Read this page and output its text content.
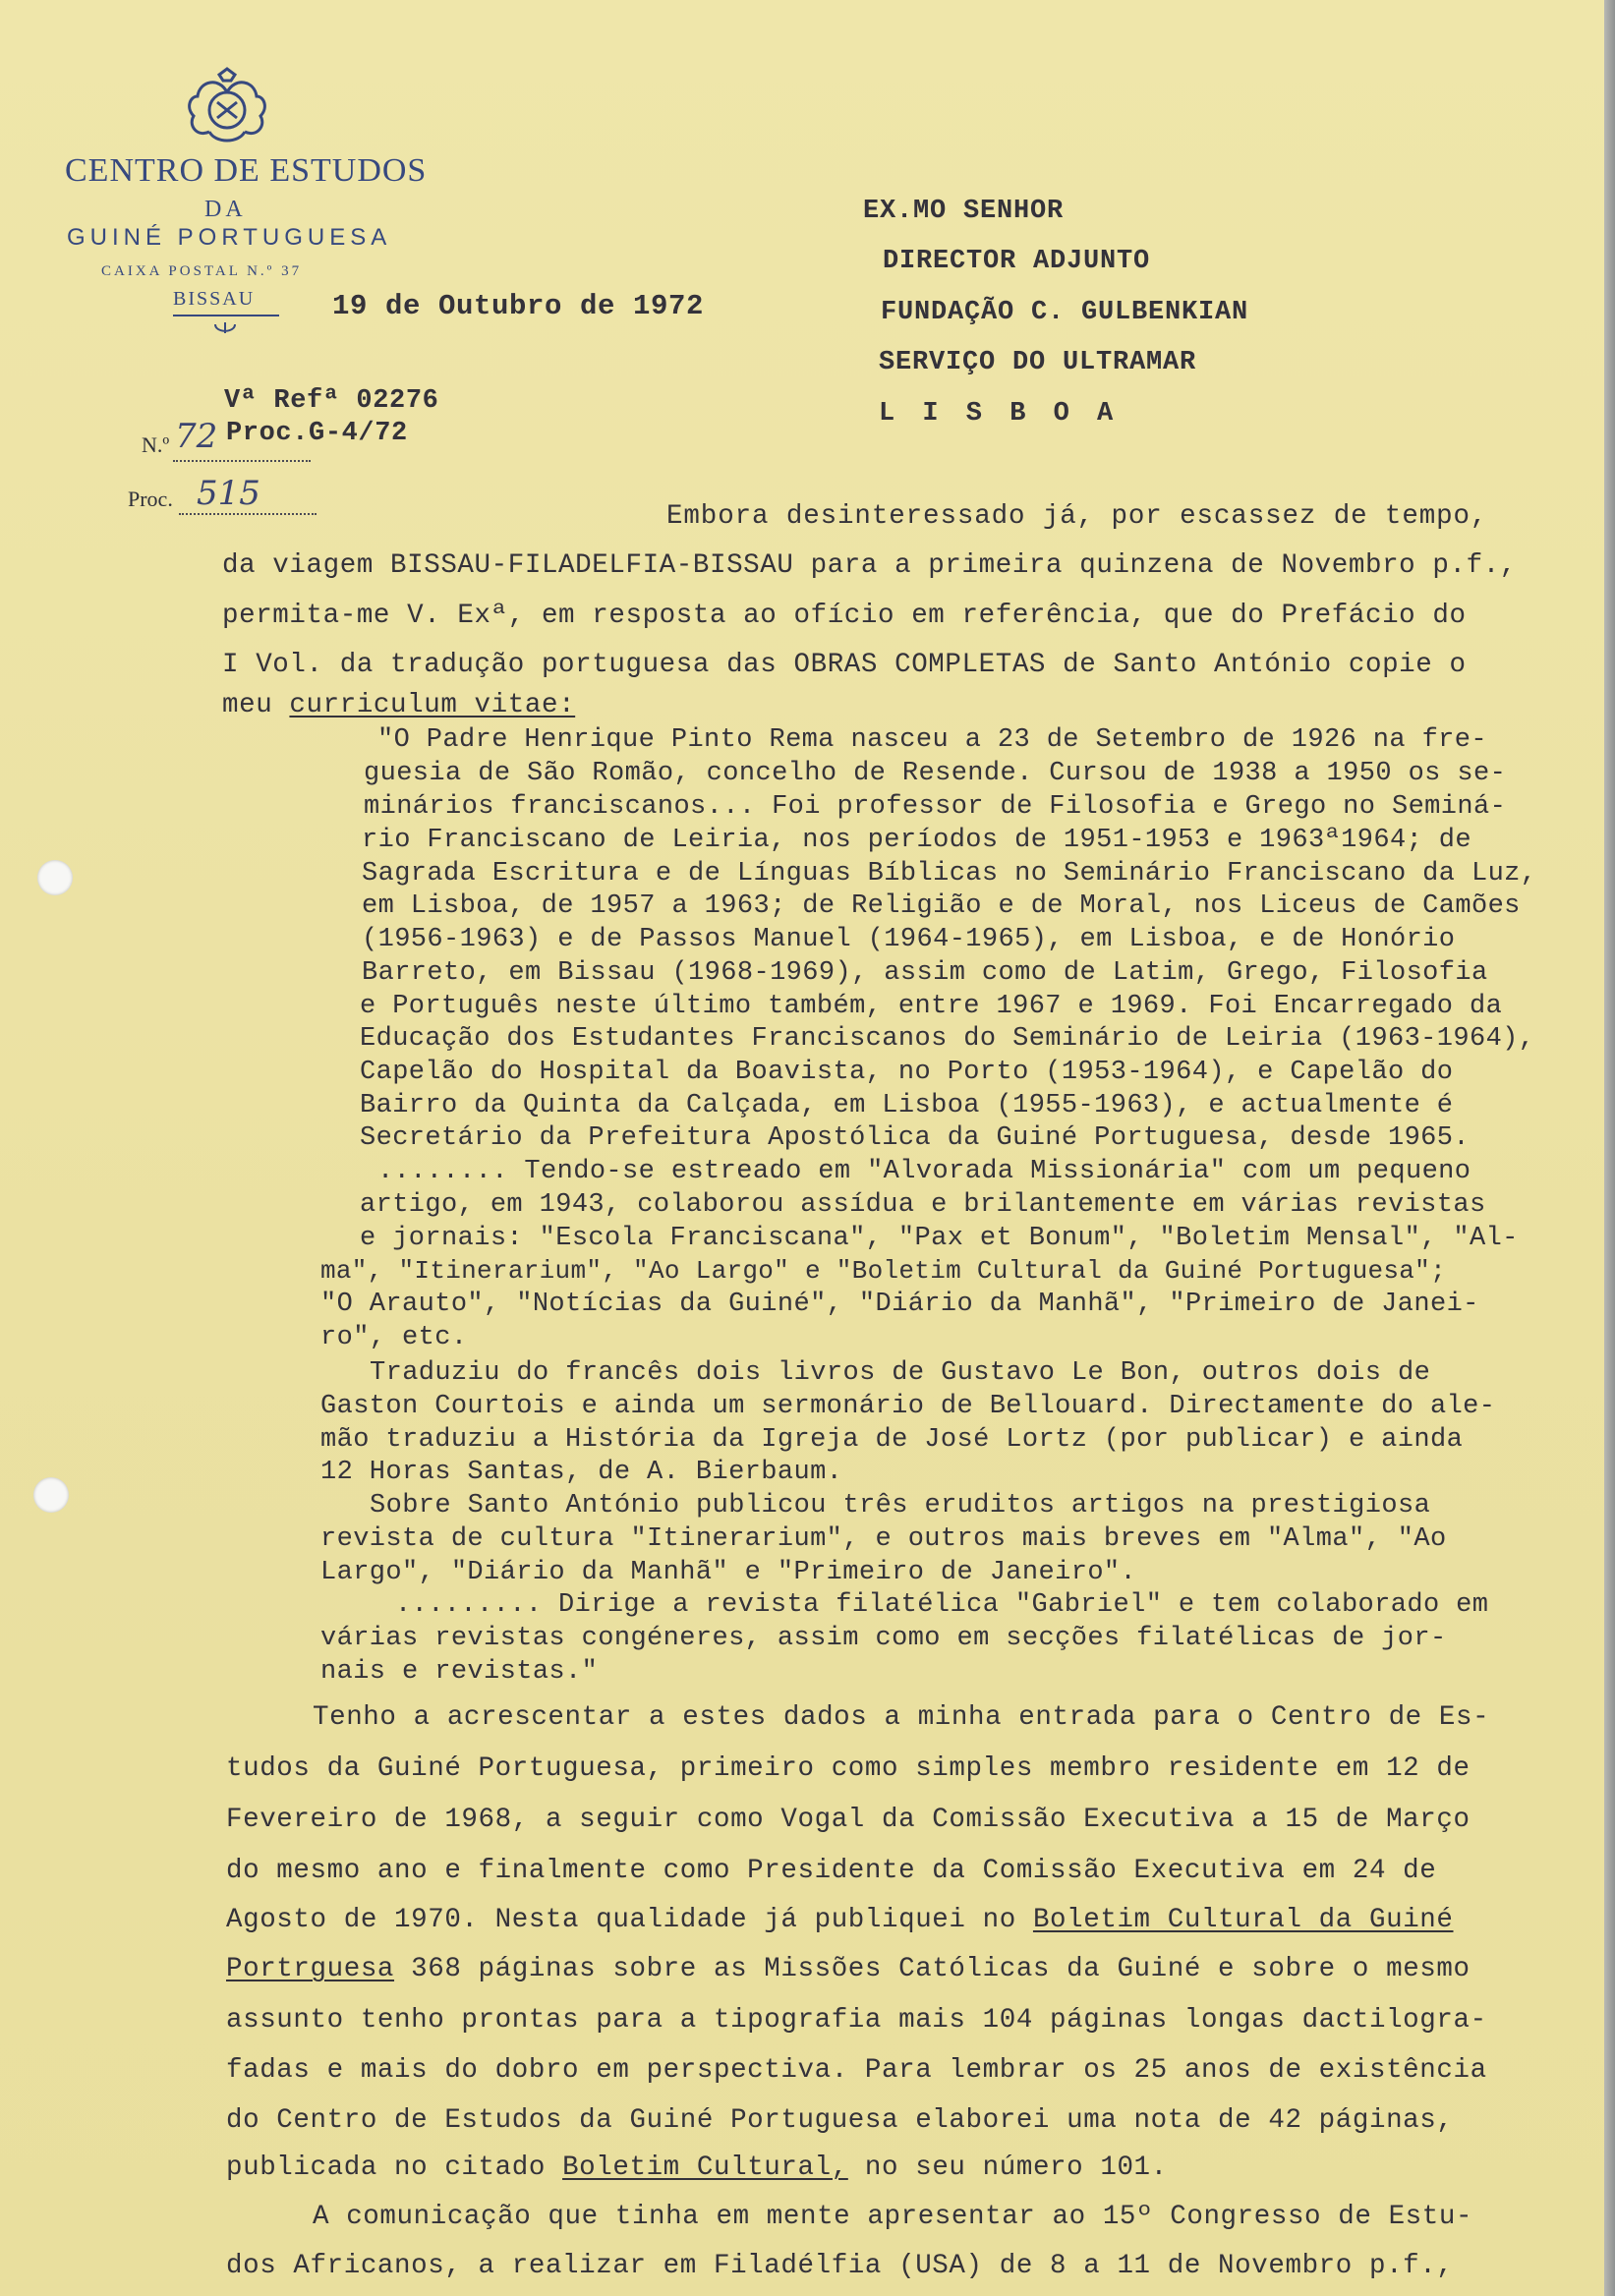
CENTRO DE ESTUDOS
DA
GUINÉ PORTUGUESA
CAIXA POSTAL N.º 37
BISSAU	19 de Outubro de 1972
EX.MO SENHOR
DIRECTOR ADJUNTO
FUNDAÇÃO C. GULBENKIAN
SERVIÇO DO ULTRAMAR
L I S B O A
Vª Refª 02276
N.º 72 Proc.G-4/72
Proc. 515
Embora desinteressado já, por escassez de tempo,
da viagem BISSAU-FILADELFIA-BISSAU para a primeira quinzena de Novembro p.f.,
permita-me V. Exª, em resposta ao ofício em referência, que do Prefácio do
I Vol. da tradução portuguesa das OBRAS COMPLETAS de Santo António copie o
meu curriculum vitae:
"O Padre Henrique Pinto Rema nasceu a 23 de Setembro de 1926 na fre-
guesia de São Romão, concelho de Resende. Cursou de 1938 a 1950 os se-
minários franciscanos... Foi professor de Filosofia e Grego no Seminá-
rio Franciscano de Leiria, nos períodos de 1951-1953 e 1963ª1964; de
Sagrada Escritura e de Línguas Bíblicas no Seminário Franciscano da Luz,
em Lisboa, de 1957 a 1963; de Religião e de Moral, nos Liceus de Camões
(1956-1963) e de Passos Manuel (1964-1965), em Lisboa, e de Honório
Barreto, em Bissau (1968-1969), assim como de Latim, Grego, Filosofia
e Português neste último também, entre 1967 e 1969. Foi Encarregado da
Educação dos Estudantes Franciscanos do Seminário de Leiria (1963-1964),
Capelão do Hospital da Boavista, no Porto (1953-1964), e Capelão do
Bairro da Quinta da Calçada, em Lisboa (1955-1963), e actualmente é
Secretário da Prefeitura Apostólica da Guiné Portuguesa, desde 1965.
........ Tendo-se estreado em "Alvorada Missionária" com um pequeno
artigo, em 1943, colaborou assídua e brilantemente em várias revistas
e jornais: "Escola Franciscana", "Pax et Bonum", "Boletim Mensal", "Al-
ma", "Itinerarium", "Ao Largo" e "Boletim Cultural da Guiné Portuguesa";
"O Arauto", "Notícias da Guiné", "Diário da Manhã", "Primeiro de Janei-
ro", etc.
Traduziu do francês dois livros de Gustavo Le Bon, outros dois de
Gaston Courtois e ainda um sermonário de Bellouard. Directamente do ale-
mão traduziu a História da Igreja de José Lortz (por publicar) e ainda
12 Horas Santas, de A. Bierbaum.
Sobre Santo António publicou três eruditos artigos na prestigiosa
revista de cultura "Itinerarium", e outros mais breves em "Alma", "Ao
Largo", "Diário da Manhã" e "Primeiro de Janeiro".
......... Dirige a revista filatélica "Gabriel" e tem colaborado em
várias revistas congéneres, assim como em secções filatélicas de jor-
nais e revistas."
Tenho a acrescentar a estes dados a minha entrada para o Centro de Es-
tudos da Guiné Portuguesa, primeiro como simples membro residente em 12 de
Fevereiro de 1968, a seguir como Vogal da Comissão Executiva a 15 de Março
do mesmo ano e finalmente como Presidente da Comissão Executiva em 24 de
Agosto de 1970. Nesta qualidade já publiquei no Boletim Cultural da Guiné
Portrguesa 368 páginas sobre as Missões Católicas da Guiné e sobre o mesmo
assunto tenho prontas para a tipografia mais 104 páginas longas dactilogra-
fadas e mais do dobro em perspectiva. Para lembrar os 25 anos de existência
do Centro de Estudos da Guiné Portuguesa elaborei uma nota de 42 páginas,
publicada no citado Boletim Cultural, no seu número 101.
A comunicação que tinha em mente apresentar ao 15º Congresso de Estu-
dos Africanos, a realizar em Filadélfia (USA) de 8 a 11 de Novembro p.f.,
